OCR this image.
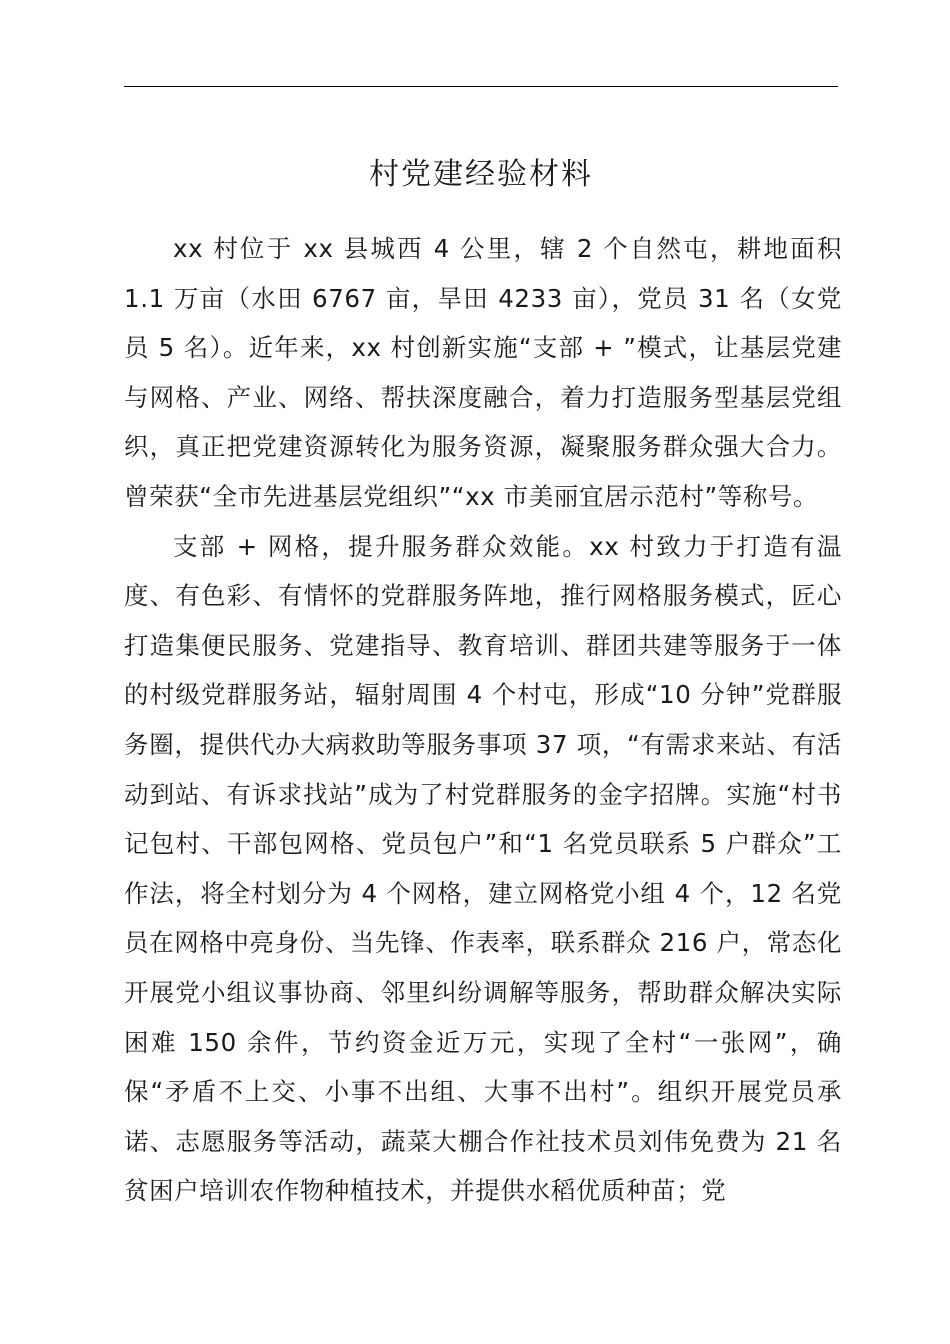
村党建经验材料

xx 村位于 xx 县城西 4 公里，辖 2 个自然屯，耕地面积 1.1 万亩（水田 6767 亩，旱田 4233 亩），党员 31 名（女党员 5 名）。近年来，xx 村创新实施“支部 + ”模式，让基层党建与网格、产业、网络、帮扶深度融合，着力打造服务型基层党组织，真正把党建资源转化为服务资源，凝聚服务群众强大合力。曾荣获“全市先进基层党组织”“xx 市美丽宜居示范村”等称号。

支部 + 网格，提升服务群众效能。xx 村致力于打造有温度、有色彩、有情怀的党群服务阵地，推行网格服务模式，匠心打造集便民服务、党建指导、教育培训、群团共建等服务于一体的村级党群服务站，辐射周围 4 个村屯，形成“10 分钟”党群服务圈，提供代办大病救助等服务事项 37 项，“有需求来站、有活动到站、有诉求找站”成为了村党群服务的金字招牌。实施“村书记包村、干部包网格、党员包户”和“1 名党员联系 5 户群众”工作法，将全村划分为 4 个网格，建立网格党小组 4 个，12 名党员在网格中亮身份、当先锋、作表率，联系群众 216 户，常态化开展党小组议事协商、邻里纠纷调解等服务，帮助群众解决实际困难 150 余件，节约资金近万元，实现了全村“一张网”，确保“矛盾不上交、小事不出组、大事不出村”。组织开展党员承诺、志愿服务等活动，蔬菜大棚合作社技术员刘伟免费为 21 名贫困户培训农作物种植技术，并提供水稻优质种苗；党
